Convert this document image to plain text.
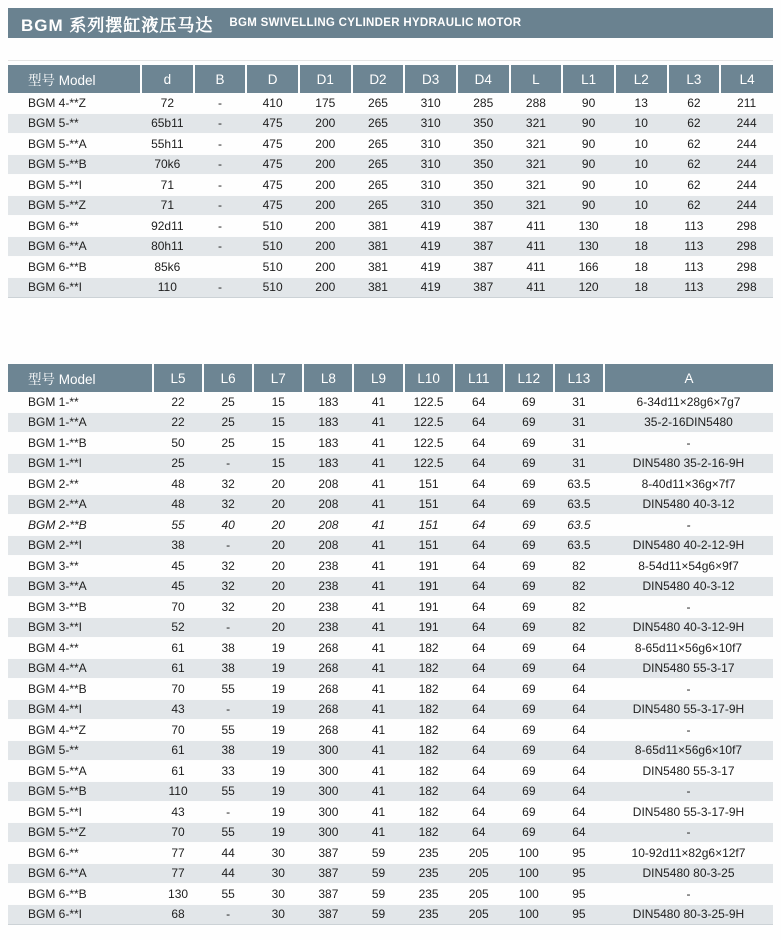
BGM 系列摆缸液压马达 BGM SWIVELLING CYLINDER HYDRAULIC MOTOR
型号 Model	d	B	D	D1	D2	D3	D4	L	L1	L2	L3	L4
BGM 4-**Z	72	-	410	175	265	310	285	288	90	13	62	211
BGM 5-**	65b11	-	475	200	265	310	350	321	90	10	62	244
BGM 5-**A	55h11	-	475	200	265	310	350	321	90	10	62	244
BGM 5-**B	70k6	-	475	200	265	310	350	321	90	10	62	244
BGM 5-**I	71	-	475	200	265	310	350	321	90	10	62	244
BGM 5-**Z	71	-	475	200	265	310	350	321	90	10	62	244
BGM 6-**	92d11	-	510	200	381	419	387	411	130	18	113	298
BGM 6-**A	80h11	-	510	200	381	419	387	411	130	18	113	298
BGM 6-**B	85k6		510	200	381	419	387	411	166	18	113	298
BGM 6-**I	110	-	510	200	381	419	387	411	120	18	113	298
型号 Model	L5	L6	L7	L8	L9	L10	L11	L12	L13	A
BGM 1-**	22	25	15	183	41	122.5	64	69	31	6-34d11×28g6×7g7
BGM 1-**A	22	25	15	183	41	122.5	64	69	31	35-2-16DIN5480
BGM 1-**B	50	25	15	183	41	122.5	64	69	31	-
BGM 1-**I	25	-	15	183	41	122.5	64	69	31	DIN5480 35-2-16-9H
BGM 2-**	48	32	20	208	41	151	64	69	63.5	8-40d11×36g×7f7
BGM 2-**A	48	32	20	208	41	151	64	69	63.5	DIN5480 40-3-12
BGM 2-**B	55	40	20	208	41	151	64	69	63.5	-
BGM 2-**I	38	-	20	208	41	151	64	69	63.5	DIN5480 40-2-12-9H
BGM 3-**	45	32	20	238	41	191	64	69	82	8-54d11×54g6×9f7
BGM 3-**A	45	32	20	238	41	191	64	69	82	DIN5480 40-3-12
BGM 3-**B	70	32	20	238	41	191	64	69	82	-
BGM 3-**I	52	-	20	238	41	191	64	69	82	DIN5480 40-3-12-9H
BGM 4-**	61	38	19	268	41	182	64	69	64	8-65d11×56g6×10f7
BGM 4-**A	61	38	19	268	41	182	64	69	64	DIN5480 55-3-17
BGM 4-**B	70	55	19	268	41	182	64	69	64	-
BGM 4-**I	43	-	19	268	41	182	64	69	64	DIN5480 55-3-17-9H
BGM 4-**Z	70	55	19	268	41	182	64	69	64	-
BGM 5-**	61	38	19	300	41	182	64	69	64	8-65d11×56g6×10f7
BGM 5-**A	61	33	19	300	41	182	64	69	64	DIN5480 55-3-17
BGM 5-**B	110	55	19	300	41	182	64	69	64	-
BGM 5-**I	43	-	19	300	41	182	64	69	64	DIN5480 55-3-17-9H
BGM 5-**Z	70	55	19	300	41	182	64	69	64	-
BGM 6-**	77	44	30	387	59	235	205	100	95	10-92d11×82g6×12f7
BGM 6-**A	77	44	30	387	59	235	205	100	95	DIN5480 80-3-25
BGM 6-**B	130	55	30	387	59	235	205	100	95	-
BGM 6-**I	68	-	30	387	59	235	205	100	95	DIN5480 80-3-25-9H
